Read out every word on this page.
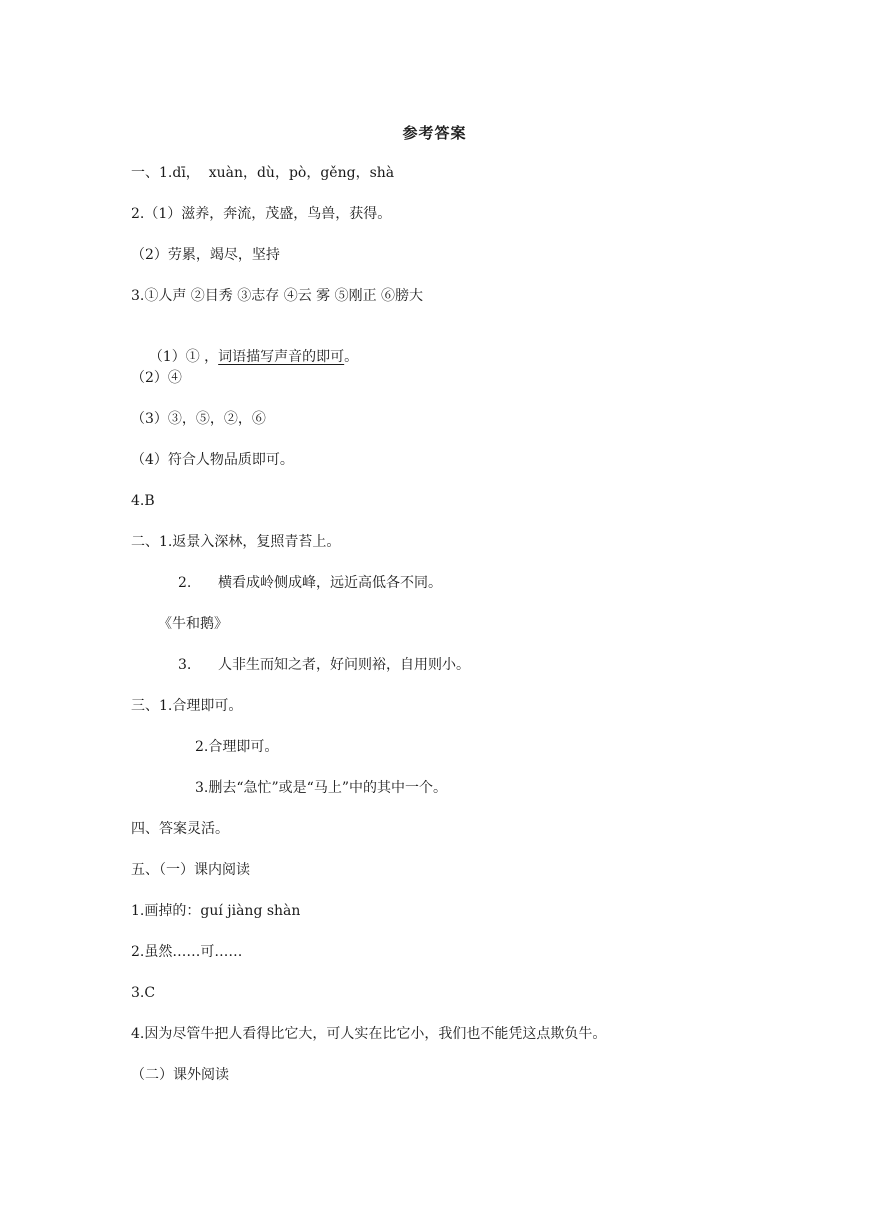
参考答案
一、1.dī，  xuàn，dù，pò，gěng，shà
2.（1）滋养，奔流，茂盛，鸟兽，获得。
（2）劳累，竭尽，坚持
3.①人声 ②目秀 ③志存 ④云 雾 ⑤刚正 ⑥膀大

（1）① ，词语描写声音的即可。

（2）④
（3）③，⑤，②，⑥
（4）符合人物品质即可。
4.B
二、1.返景入深林，复照青苔上。
2.      横看成岭侧成峰，远近高低各不同。
《牛和鹅》
3.      人非生而知之者，好问则裕，自用则小。
三、1.合理即可。
2.合理即可。
3.删去“急忙”或是“马上”中的其中一个。
四、答案灵活。
五、（一）课内阅读
1.画掉的：guí jiàng shàn
2.虽然……可……
3.C
4.因为尽管牛把人看得比它大，可人实在比它小，我们也不能凭这点欺负牛。
（二）课外阅读
